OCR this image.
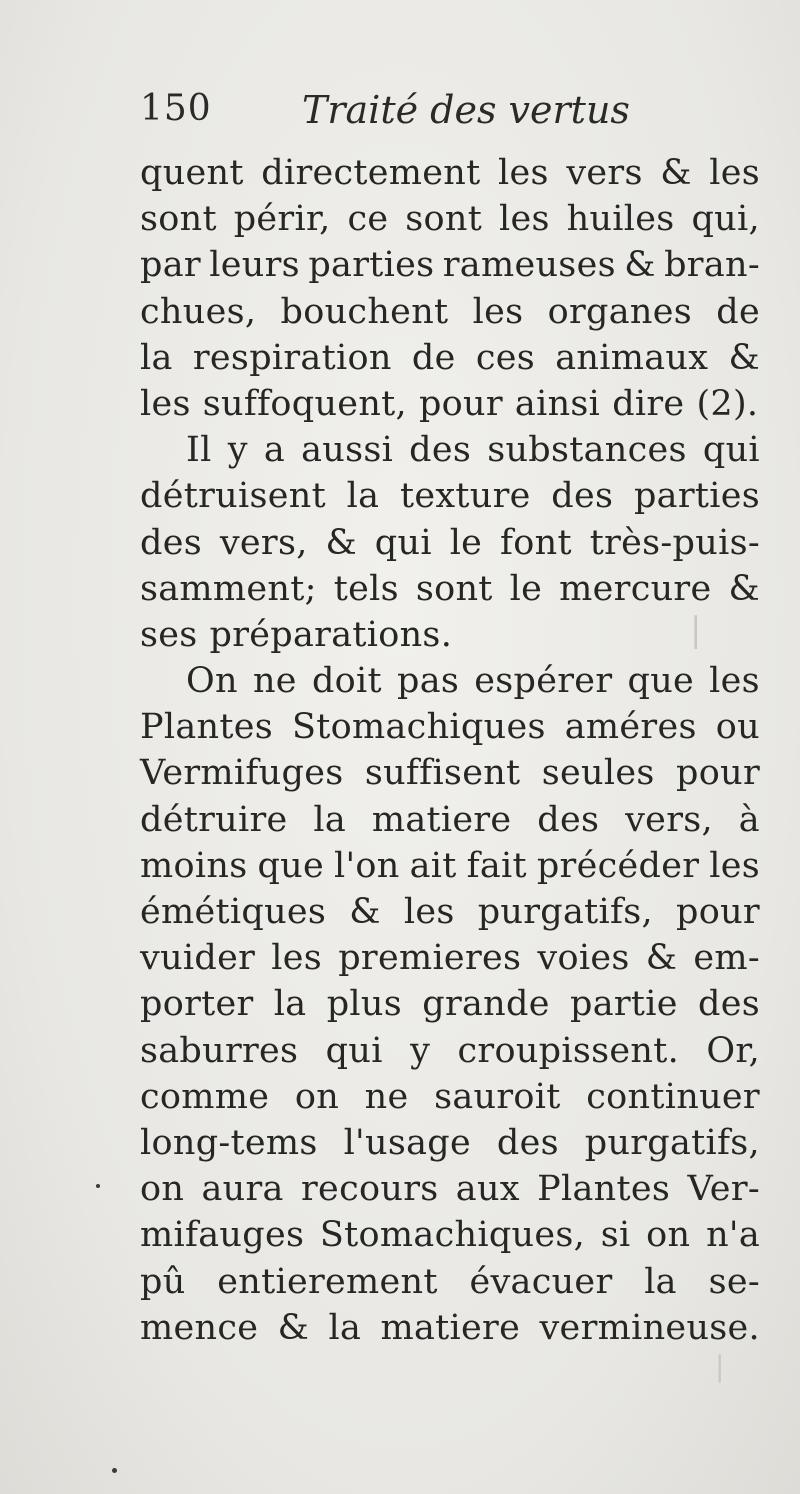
150 Traité des vertus
quent directement les vers & les
sont périr, ce sont les huiles qui,
par leurs parties rameuses & bran-
chues, bouchent les organes de
la respiration de ces animaux &
les suffoquent, pour ainsi dire (2).
Il y a aussi des substances qui
détruisent la texture des parties
des vers, & qui le font très-puis-
samment; tels sont le mercure &
ses préparations.
On ne doit pas espérer que les
Plantes Stomachiques améres ou
Vermifuges suffisent seules pour
détruire la matiere des vers, à
moins que l'on ait fait précéder les
émétiques & les purgatifs, pour
vuider les premieres voies & em-
porter la plus grande partie des
saburres qui y croupissent. Or,
comme on ne sauroit continuer
long-tems l'usage des purgatifs,
on aura recours aux Plantes Ver-
mifauges Stomachiques, si on n'a
pû entierement évacuer la se-
mence & la matiere vermineuse.
|
|
